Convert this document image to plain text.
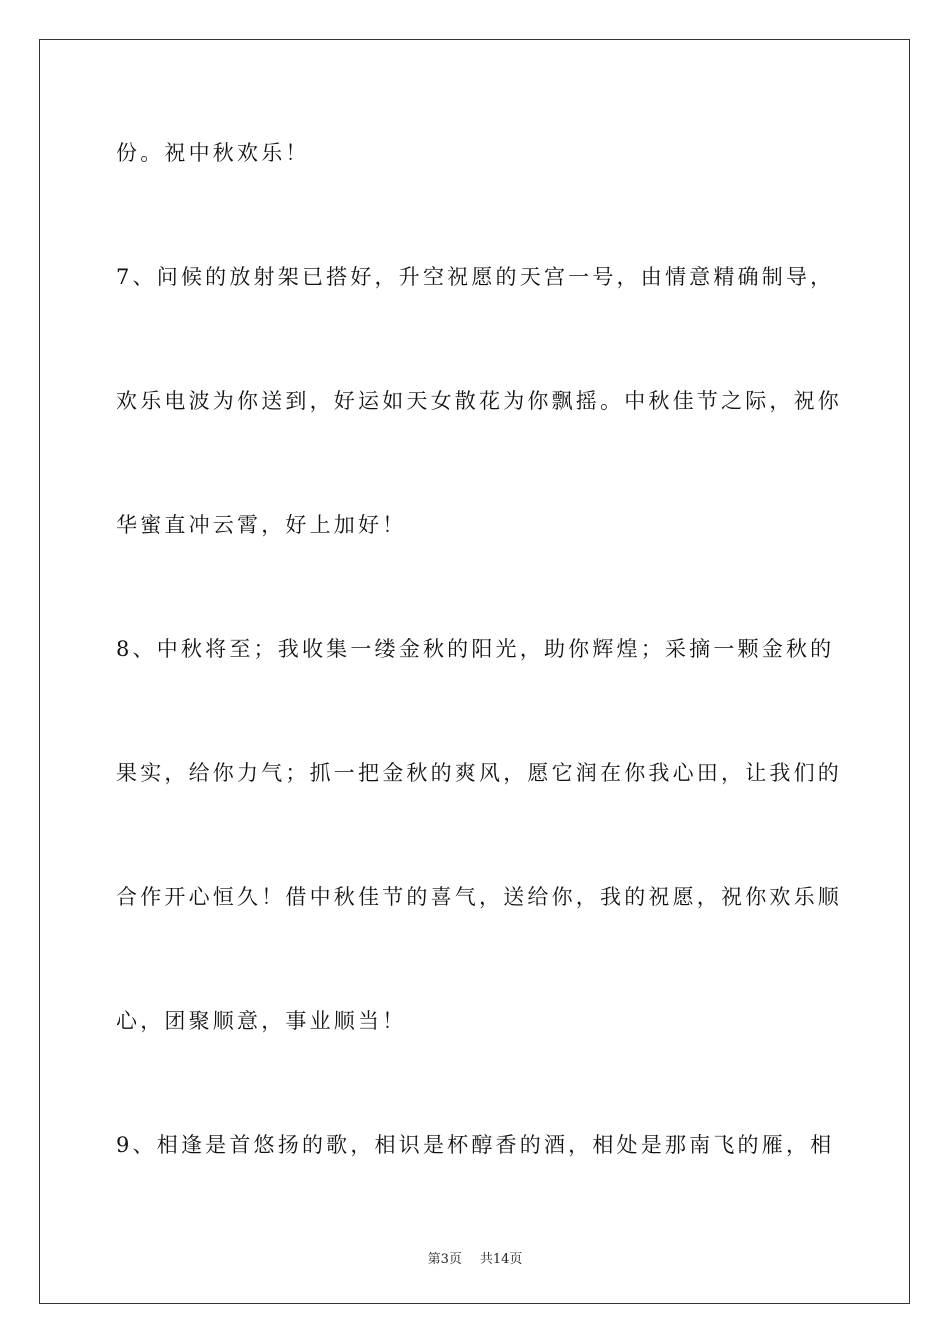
份。祝中秋欢乐！
7、问候的放射架已搭好，升空祝愿的天宫一号，由情意精确制导，
欢乐电波为你送到，好运如天女散花为你飘摇。中秋佳节之际，祝你
华蜜直冲云霄，好上加好！
8、中秋将至；我收集一缕金秋的阳光，助你辉煌；采摘一颗金秋的
果实，给你力气；抓一把金秋的爽风，愿它润在你我心田，让我们的
合作开心恒久！借中秋佳节的喜气，送给你，我的祝愿，祝你欢乐顺
心，团聚顺意，事业顺当！
9、相逢是首悠扬的歌，相识是杯醇香的酒，相处是那南飞的雁，相
第3页 共14页
